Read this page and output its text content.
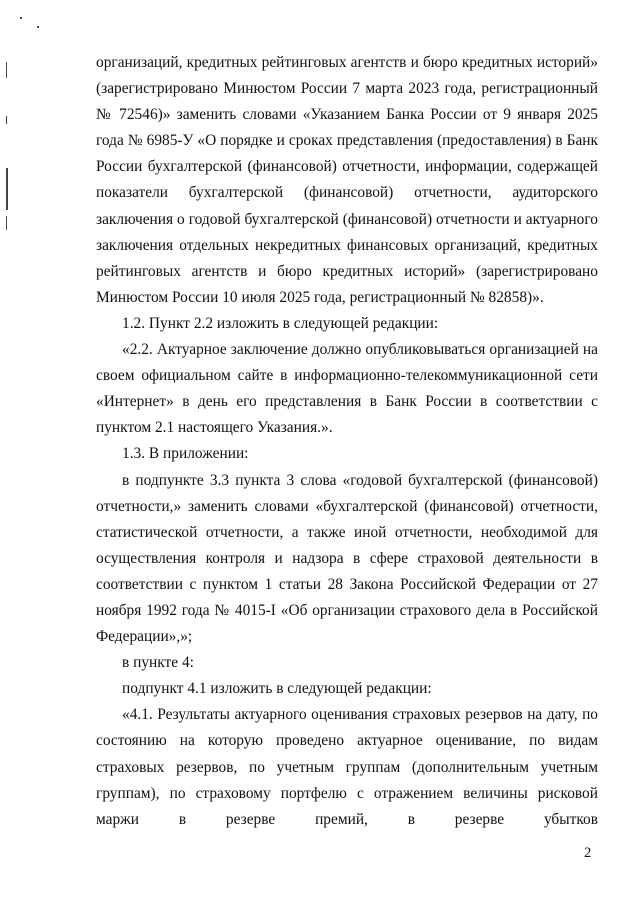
организаций, кредитных рейтинговых агентств и бюро кредитных историй» (зарегистрировано Минюстом России 7 марта 2023 года, регистрационный № 72546)» заменить словами «Указанием Банка России от 9 января 2025 года № 6985-У «О порядке и сроках представления (предоставления) в Банк России бухгалтерской (финансовой) отчетности, информации, содержащей показатели бухгалтерской (финансовой) отчетности, аудиторского заключения о годовой бухгалтерской (финансовой) отчетности и актуарного заключения отдельных некредитных финансовых организаций, кредитных рейтинговых агентств и бюро кредитных историй» (зарегистрировано Минюстом России 10 июля 2025 года, регистрационный № 82858)».

1.2. Пункт 2.2 изложить в следующей редакции:

«2.2. Актуарное заключение должно опубликовываться организацией на своем официальном сайте в информационно-телекоммуникационной сети «Интернет» в день его представления в Банк России в соответствии с пунктом 2.1 настоящего Указания.».

1.3. В приложении:

в подпункте 3.3 пункта 3 слова «годовой бухгалтерской (финансовой) отчетности,» заменить словами «бухгалтерской (финансовой) отчетности, статистической отчетности, а также иной отчетности, необходимой для осуществления контроля и надзора в сфере страховой деятельности в соответствии с пунктом 1 статьи 28 Закона Российской Федерации от 27 ноября 1992 года № 4015-I «Об организации страхового дела в Российской Федерации»,»;

в пункте 4:

подпункт 4.1 изложить в следующей редакции:

«4.1. Результаты актуарного оценивания страховых резервов на дату, по состоянию на которую проведено актуарное оценивание, по видам страховых резервов, по учетным группам (дополнительным учетным группам), по страховому портфелю с отражением величины рисковой маржи в резерве премий, в резерве убытков

2
